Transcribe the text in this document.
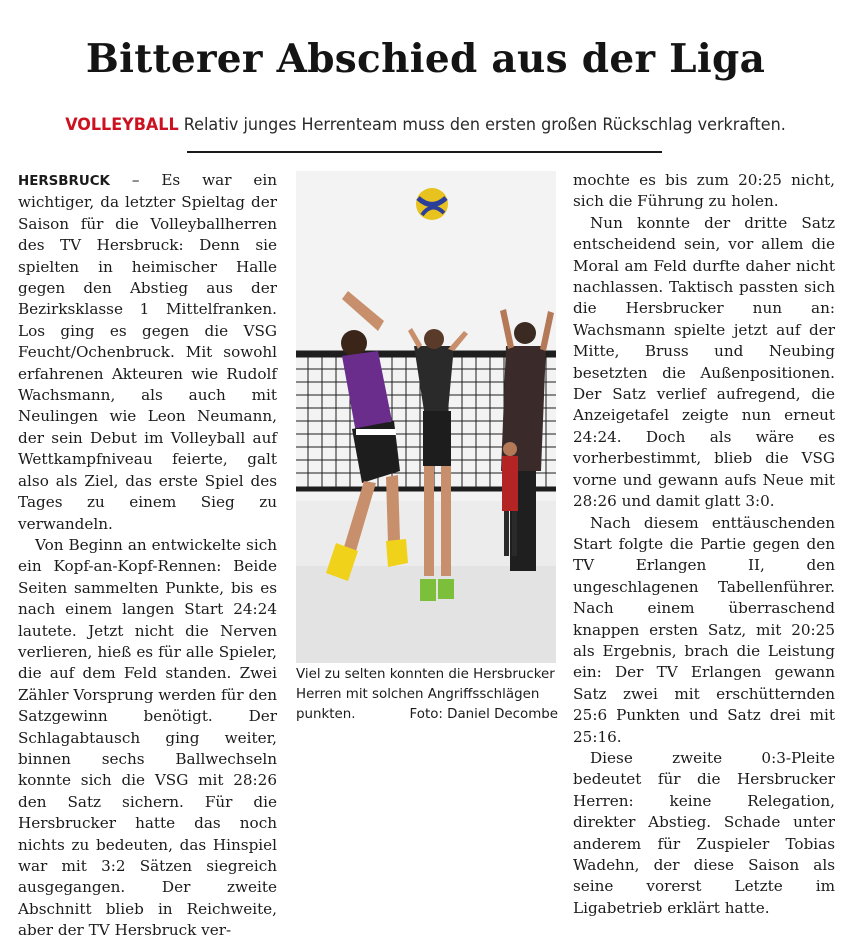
Bitterer Abschied aus der Liga
VOLLEYBALL Relativ junges Herrenteam muss den ersten großen Rückschlag verkraften.

HERSBRUCK – Es war ein wichtiger, da letzter Spieltag der Saison für die Volleyballherren des TV Hersbruck: Denn sie spielten in heimischer Halle gegen den Abstieg aus der Bezirksklasse 1 Mittelfranken. Los ging es gegen die VSG Feucht/Ochenbruck. Mit sowohl erfahrenen Akteuren wie Rudolf Wachsmann, als auch mit Neulingen wie Leon Neumann, der sein Debut im Volleyball auf Wettkampfniveau feierte, galt also als Ziel, das erste Spiel des Tages zu einem Sieg zu verwandeln.

Von Beginn an entwickelte sich ein Kopf-an-Kopf-Rennen: Beide Seiten sammelten Punkte, bis es nach einem langen Start 24:24 lautete. Jetzt nicht die Nerven verlieren, hieß es für alle Spieler, die auf dem Feld standen. Zwei Zähler Vorsprung werden für den Satzgewinn benötigt. Der Schlagabtausch ging weiter, binnen sechs Ballwechseln konnte sich die VSG mit 28:26 den Satz sichern. Für die Hersbrucker hatte das noch nichts zu bedeuten, das Hinspiel war mit 3:2 Sätzen siegreich ausgegangen. Der zweite Abschnitt blieb in Reichweite, aber der TV Hersbruck ver-

Viel zu selten konnten die Hersbrucker Herren mit solchen Angriffsschlägen
punkten.	Foto: Daniel Decombe

mochte es bis zum 20:25 nicht, sich die Führung zu holen.

Nun konnte der dritte Satz entscheidend sein, vor allem die Moral am Feld durfte daher nicht nachlassen. Taktisch passten sich die Hersbrucker nun an: Wachsmann spielte jetzt auf der Mitte, Bruss und Neubing besetzten die Außenpositionen. Der Satz verlief aufregend, die Anzeigetafel zeigte nun erneut 24:24. Doch als wäre es vorherbestimmt, blieb die VSG vorne und gewann aufs Neue mit 28:26 und damit glatt 3:0.

Nach diesem enttäuschenden Start folgte die Partie gegen den TV Erlangen II, den ungeschlagenen Tabellenführer. Nach einem überraschend knappen ersten Satz, mit 20:25 als Ergebnis, brach die Leistung ein: Der TV Erlangen gewann Satz zwei mit erschütternden 25:6 Punkten und Satz drei mit 25:16.

Diese zweite 0:3-Pleite bedeutet für die Hersbrucker Herren: keine Relegation, direkter Abstieg. Schade unter anderem für Zuspieler Tobias Wadehn, der diese Saison als seine vorerst Letzte im Ligabetrieb erklärt hatte.
